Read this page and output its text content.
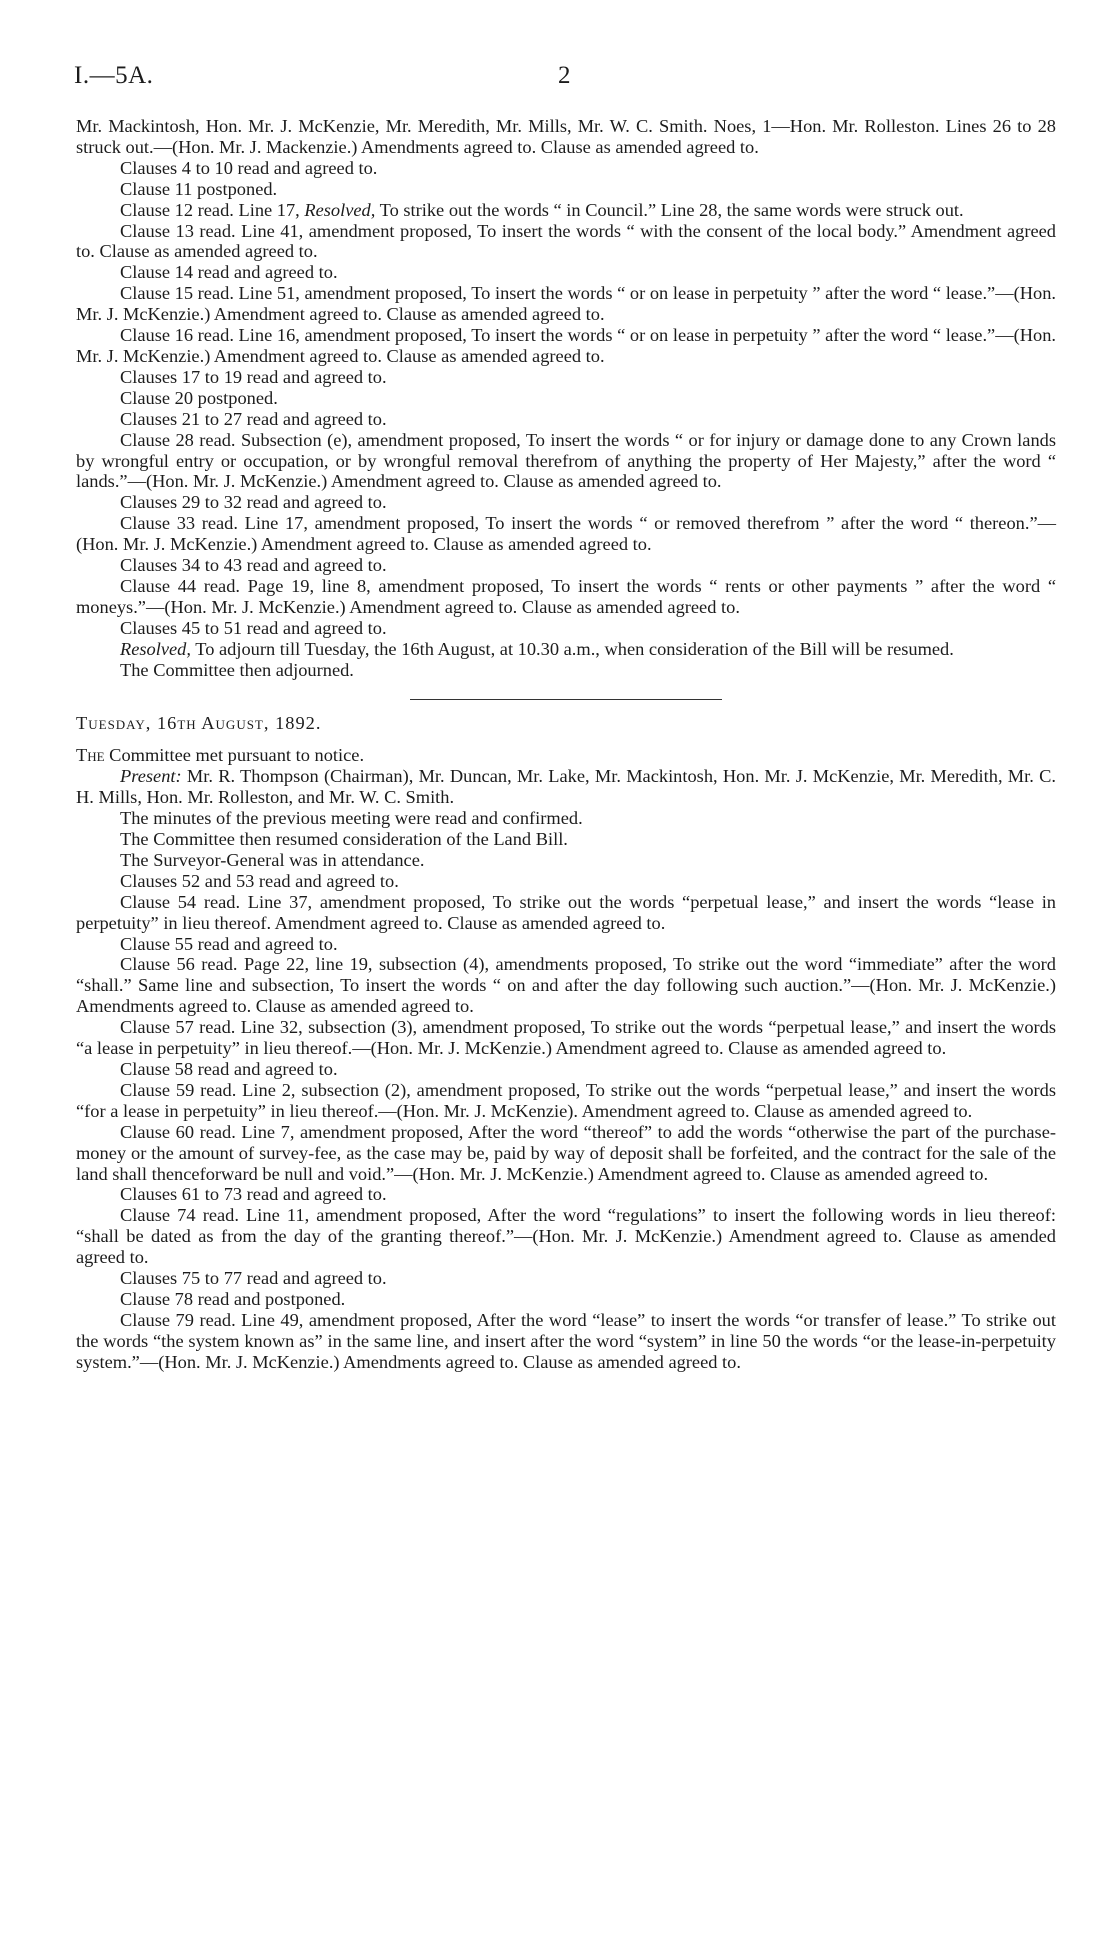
I.—5A.	2

Mr. Mackintosh, Hon. Mr. J. McKenzie, Mr. Meredith, Mr. Mills, Mr. W. C. Smith. Noes, 1—Hon. Mr. Rolleston. Lines 26 to 28 struck out.—(Hon. Mr. J. Mackenzie.) Amendments agreed to. Clause as amended agreed to.

Clauses 4 to 10 read and agreed to.

Clause 11 postponed.

Clause 12 read. Line 17, Resolved, To strike out the words “ in Council.” Line 28, the same words were struck out.

Clause 13 read. Line 41, amendment proposed, To insert the words “ with the consent of the local body.” Amendment agreed to. Clause as amended agreed to.

Clause 14 read and agreed to.

Clause 15 read. Line 51, amendment proposed, To insert the words “ or on lease in perpetuity ” after the word “ lease.”—(Hon. Mr. J. McKenzie.) Amendment agreed to. Clause as amended agreed to.

Clause 16 read. Line 16, amendment proposed, To insert the words “ or on lease in perpetuity ” after the word “ lease.”—(Hon. Mr. J. McKenzie.) Amendment agreed to. Clause as amended agreed to.

Clauses 17 to 19 read and agreed to.

Clause 20 postponed.

Clauses 21 to 27 read and agreed to.

Clause 28 read. Subsection (e), amendment proposed, To insert the words “ or for injury or damage done to any Crown lands by wrongful entry or occupation, or by wrongful removal therefrom of anything the property of Her Majesty,” after the word “ lands.”—(Hon. Mr. J. McKenzie.) Amendment agreed to. Clause as amended agreed to.

Clauses 29 to 32 read and agreed to.

Clause 33 read. Line 17, amendment proposed, To insert the words “ or removed therefrom ” after the word “ thereon.”—(Hon. Mr. J. McKenzie.) Amendment agreed to. Clause as amended agreed to.

Clauses 34 to 43 read and agreed to.

Clause 44 read. Page 19, line 8, amendment proposed, To insert the words “ rents or other payments ” after the word “ moneys.”—(Hon. Mr. J. McKenzie.) Amendment agreed to. Clause as amended agreed to.

Clauses 45 to 51 read and agreed to.

Resolved, To adjourn till Tuesday, the 16th August, at 10.30 a.m., when consideration of the Bill will be resumed.

The Committee then adjourned.

Tuesday, 16th August, 1892.

The Committee met pursuant to notice.

Present: Mr. R. Thompson (Chairman), Mr. Duncan, Mr. Lake, Mr. Mackintosh, Hon. Mr. J. McKenzie, Mr. Meredith, Mr. C. H. Mills, Hon. Mr. Rolleston, and Mr. W. C. Smith.

The minutes of the previous meeting were read and confirmed.

The Committee then resumed consideration of the Land Bill.

The Surveyor-General was in attendance.

Clauses 52 and 53 read and agreed to.

Clause 54 read. Line 37, amendment proposed, To strike out the words “perpetual lease,” and insert the words “lease in perpetuity” in lieu thereof. Amendment agreed to. Clause as amended agreed to.

Clause 55 read and agreed to.

Clause 56 read. Page 22, line 19, subsection (4), amendments proposed, To strike out the word “immediate” after the word “shall.” Same line and subsection, To insert the words “ on and after the day following such auction.”—(Hon. Mr. J. McKenzie.) Amendments agreed to. Clause as amended agreed to.

Clause 57 read. Line 32, subsection (3), amendment proposed, To strike out the words “perpetual lease,” and insert the words “a lease in perpetuity” in lieu thereof.—(Hon. Mr. J. McKenzie.) Amendment agreed to. Clause as amended agreed to.

Clause 58 read and agreed to.

Clause 59 read. Line 2, subsection (2), amendment proposed, To strike out the words “perpetual lease,” and insert the words “for a lease in perpetuity” in lieu thereof.—(Hon. Mr. J. McKenzie). Amendment agreed to. Clause as amended agreed to.

Clause 60 read. Line 7, amendment proposed, After the word “thereof” to add the words “otherwise the part of the purchase-money or the amount of survey-fee, as the case may be, paid by way of deposit shall be forfeited, and the contract for the sale of the land shall thenceforward be null and void.”—(Hon. Mr. J. McKenzie.) Amendment agreed to. Clause as amended agreed to.

Clauses 61 to 73 read and agreed to.

Clause 74 read. Line 11, amendment proposed, After the word “regulations” to insert the following words in lieu thereof: “shall be dated as from the day of the granting thereof.”—(Hon. Mr. J. McKenzie.) Amendment agreed to. Clause as amended agreed to.

Clauses 75 to 77 read and agreed to.

Clause 78 read and postponed.

Clause 79 read. Line 49, amendment proposed, After the word “lease” to insert the words “or transfer of lease.” To strike out the words “the system known as” in the same line, and insert after the word “system” in line 50 the words “or the lease-in-perpetuity system.”—(Hon. Mr. J. McKenzie.) Amendments agreed to. Clause as amended agreed to.
